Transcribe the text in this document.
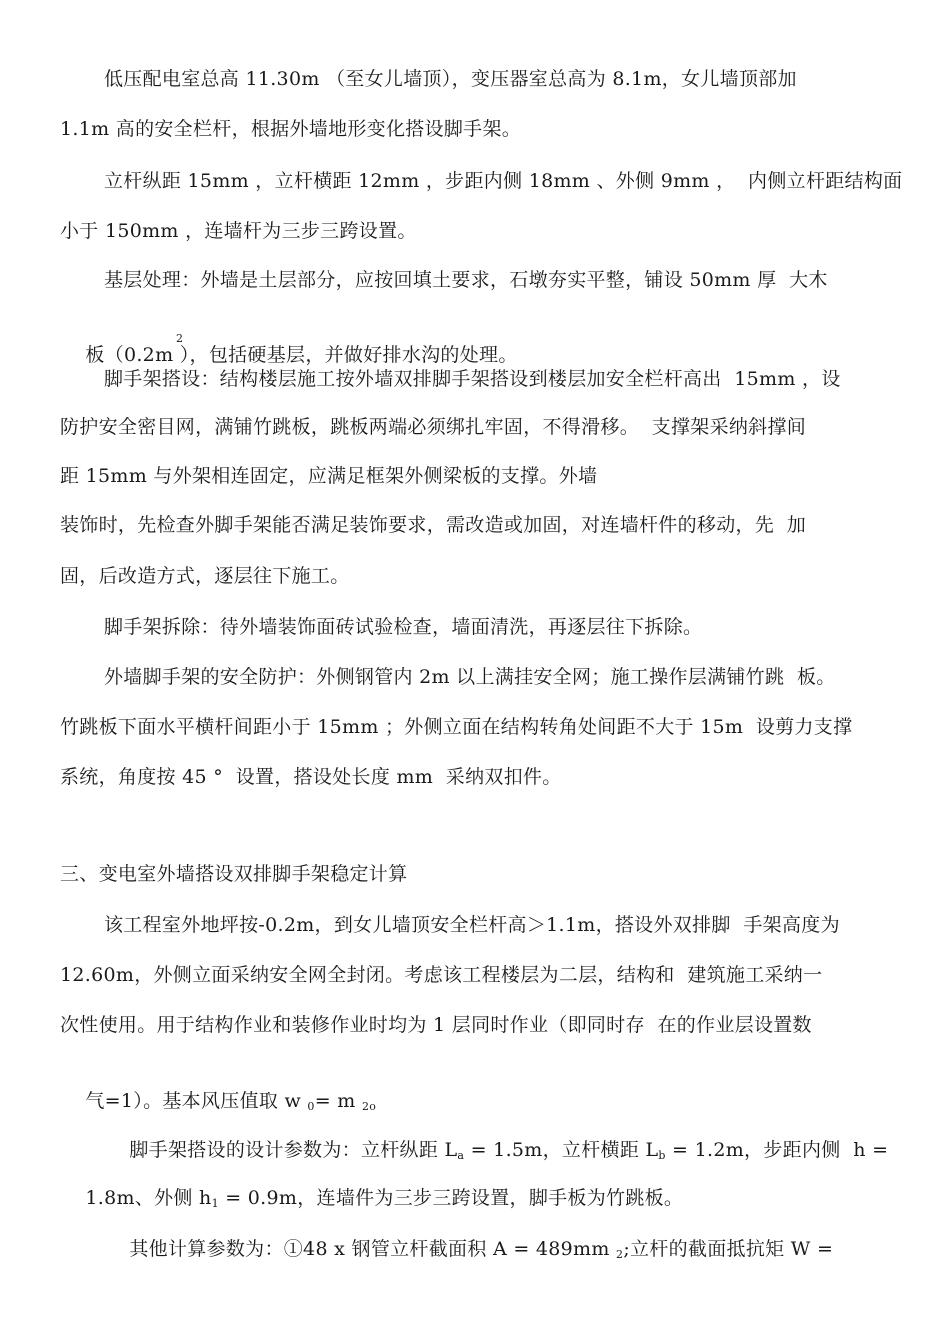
低压配电室总高 11.30m （至女儿墙顶），变压器室总高为 8.1m，女儿墙顶部加
1.1m 高的安全栏杆，根据外墙地形变化搭设脚手架。
立杆纵距 15mm ，立杆横距 12mm ，步距内侧 18mm 、外侧 9mm ，  内侧立杆距结构面
小于 150mm ，连墙杆为三步三跨设置。
基层处理：外墙是土层部分，应按回填土要求，石墩夯实平整，铺设 50mm 厚  大木

板（0.2m ），包括硬基层，并做好排水沟的处理。

2
脚手架搭设：结构楼层施工按外墙双排脚手架搭设到楼层加安全栏杆高出  15mm ，设
防护安全密目网，满铺竹跳板，跳板两端必须绑扎牢固，不得滑移。  支撑架采纳斜撑间
距 15mm 与外架相连固定，应满足框架外侧梁板的支撑。外墙
装饰时，先检查外脚手架能否满足装饰要求，需改造或加固，对连墙杆件的移动，先  加
固，后改造方式，逐层往下施工。
脚手架拆除：待外墙装饰面砖试验检查，墙面清洗，再逐层往下拆除。
外墙脚手架的安全防护：外侧钢管内 2m 以上满挂安全网；施工操作层满铺竹跳  板。
竹跳板下面水平横杆间距小于 15mm ；外侧立面在结构转角处间距不大于 15m  设剪力支撑
系统，角度按 45 °  设置，搭设处长度 mm  采纳双扣件。
三、变电室外墙搭设双排脚手架稳定计算
该工程室外地坪按-0.2m，到女儿墙顶安全栏杆高＞1.1m，搭设外双排脚  手架高度为
12.60m，外侧立面采纳安全网全封闭。考虑该工程楼层为二层，结构和  建筑施工采纳一
次性使用。用于结构作业和装修作业时均为 1 层同时作业（即同时存  在的作业层设置数

气=1）。基本风压值取 w $_0$= m $_{2o}$

脚手架搭设的设计参数为：立杆纵距 $L_a = 1.5m$，立杆横距 $L_b = 1.2m$，步距内侧  h =

1.8m、外侧 $h_1 = 0.9m$，连墙件为三步三跨设置，脚手板为竹跳板。

其他计算参数为：①48 x 钢管立杆截面积 A = 489mm $_2$;立杆的截面抵抗矩 W =
